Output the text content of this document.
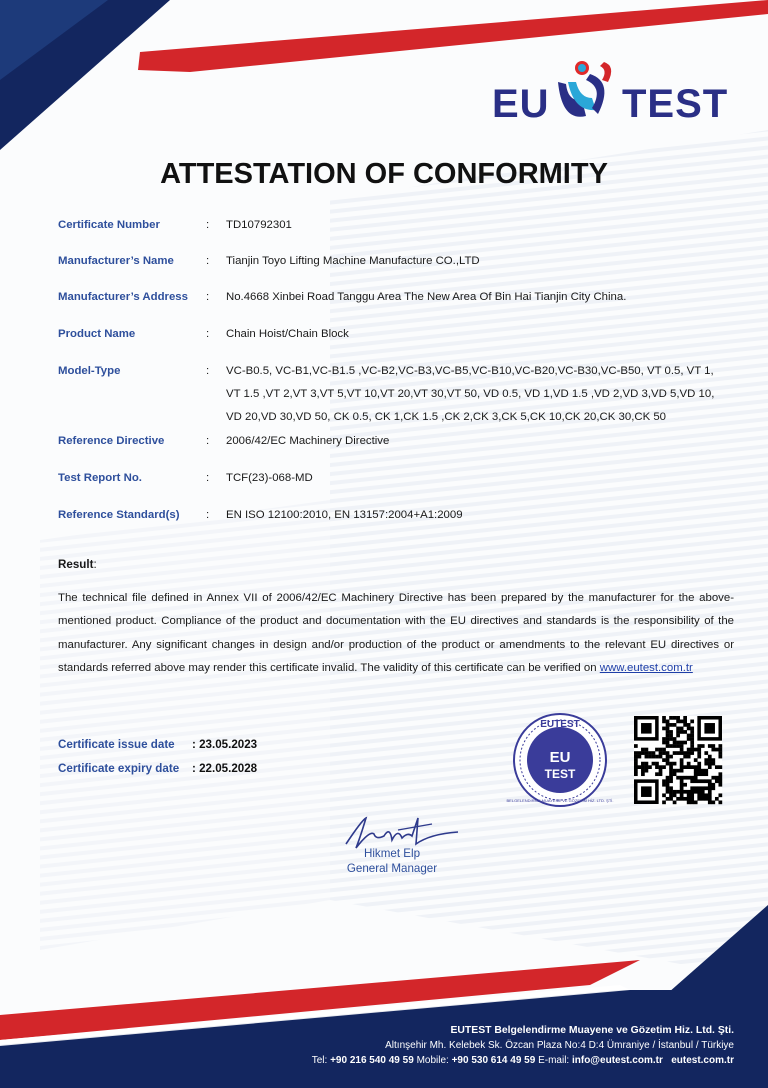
EU TEST
ATTESTATION OF CONFORMITY
Certificate Number	: TD10792301
Manufacturer’s Name	: Tianjin Toyo Lifting Machine Manufacture CO.,LTD
Manufacturer’s Address : No.4668 Xinbei Road Tanggu Area The New Area Of Bin Hai Tianjin City China.
Product Name	: Chain Hoist/Chain Block
Model-Type	: VC-B0.5, VC-B1,VC-B1.5 ,VC-B2,VC-B3,VC-B5,VC-B10,VC-B20,VC-B30,VC-B50, VT 0.5, VT 1,
VT 1.5 ,VT 2,VT 3,VT 5,VT 10,VT 20,VT 30,VT 50, VD 0.5, VD 1,VD 1.5 ,VD 2,VD 3,VD 5,VD 10,
VD 20,VD 30,VD 50, CK 0.5, CK 1,CK 1.5 ,CK 2,CK 3,CK 5,CK 10,CK 20,CK 30,CK 50
Reference Directive	: 2006/42/EC Machinery Directive
Test Report No.	: TCF(23)-068-MD
Reference Standard(s) : EN ISO 12100:2010, EN 13157:2004+A1:2009
Result:
The technical file defined in Annex VII of 2006/42/EC Machinery Directive has been prepared by the manufacturer for the above-mentioned product. Compliance of the product and documentation with the EU directives and standards is the responsibility of the manufacturer. Any significant changes in design and/or production of the product or amendments to the relevant EU directives or standards referred above may render this certificate invalid. The validity of this certificate can be verified on www.eutest.com.tr
Certificate issue date : 23.05.2023
Certificate expiry date : 22.05.2028
EUTEST
EU
TEST
BELGELENDİRME MUAYENE VE GÖZETİM HİZ. LTD. ŞTİ.
Hikmet Elp
General Manager
EUTEST Belgelendirme Muayene ve Gözetim Hiz. Ltd. Şti.
Altınşehir Mh. Kelebek Sk. Özcan Plaza No:4 D:4 Ümraniye / İstanbul / Türkiye
Tel: +90 216 540 49 59 Mobile: +90 530 614 49 59 E-mail: info@eutest.com.tr eutest.com.tr
